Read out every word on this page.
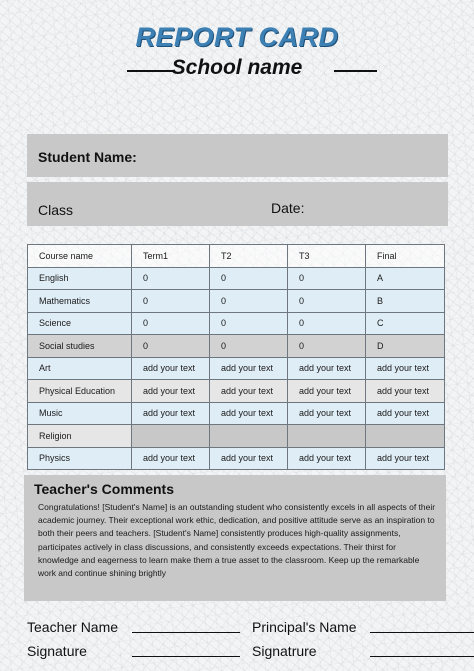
REPORT CARD
School name
Student Name:
Class	Date:
Course name	Term1	T2	T3	Final
English	0	0	0	A
Mathematics	0	0	0	B
Science	0	0	0	C
Social studies	0	0	0	D
Art	add your text	add your text	add your text	add your text
Physical Education	add your text	add your text	add your text	add your text
Music	add your text	add your text	add your text	add your text
Religion				
Physics	add your text	add your text	add your text	add your text
Teacher's Comments
Congratulations! [Student's Name] is an outstanding student who consistently excels in all aspects of their academic journey. Their exceptional work ethic, dedication, and positive attitude serve as an inspiration to both their peers and teachers. [Student's Name] consistently produces high-quality assignments, participates actively in class discussions, and consistently exceeds expectations. Their thirst for knowledge and eagerness to learn make them a true asset to the classroom. Keep up the remarkable work and continue shining brightly
Teacher Name	Principal's Name
Signature	Signatrure
